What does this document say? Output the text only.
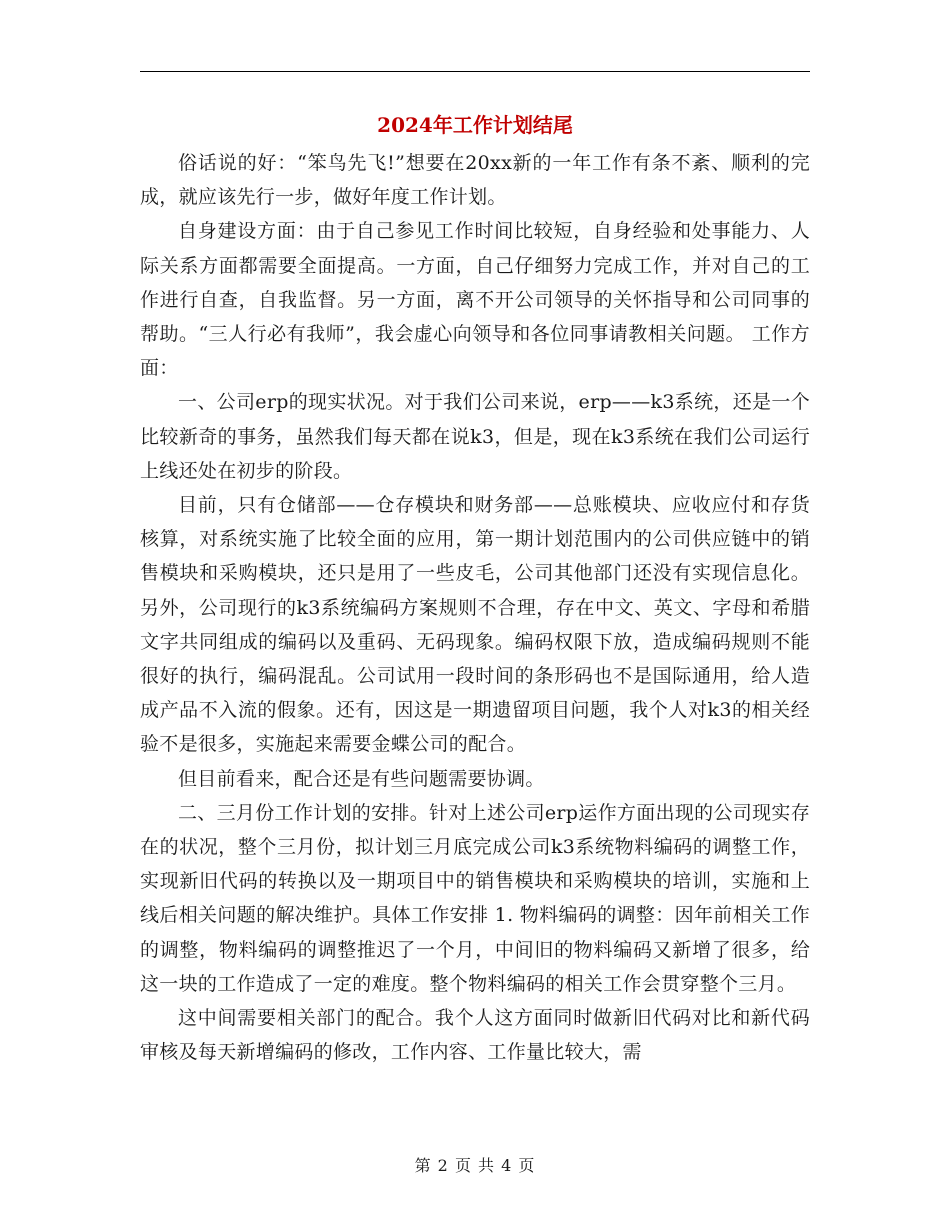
2024年工作计划结尾

俗话说的好：“笨鸟先飞!”想要在20xx新的一年工作有条不紊、顺利的完成，就应该先行一步，做好年度工作计划。

自身建设方面：由于自己参见工作时间比较短，自身经验和处事能力、人际关系方面都需要全面提高。一方面，自己仔细努力完成工作，并对自己的工作进行自查，自我监督。另一方面，离不开公司领导的关怀指导和公司同事的帮助。“三人行必有我师”，我会虚心向领导和各位同事请教相关问题。 工作方面：

一、公司erp的现实状况。对于我们公司来说，erp——k3系统，还是一个比较新奇的事务，虽然我们每天都在说k3，但是，现在k3系统在我们公司运行上线还处在初步的阶段。

目前，只有仓储部——仓存模块和财务部——总账模块、应收应付和存货核算，对系统实施了比较全面的应用，第一期计划范围内的公司供应链中的销售模块和采购模块，还只是用了一些皮毛，公司其他部门还没有实现信息化。另外，公司现行的k3系统编码方案规则不合理，存在中文、英文、字母和希腊文字共同组成的编码以及重码、无码现象。编码权限下放，造成编码规则不能很好的执行，编码混乱。公司试用一段时间的条形码也不是国际通用，给人造成产品不入流的假象。还有，因这是一期遗留项目问题，我个人对k3的相关经验不是很多，实施起来需要金蝶公司的配合。

但目前看来，配合还是有些问题需要协调。

二、三月份工作计划的安排。针对上述公司erp运作方面出现的公司现实存在的状况，整个三月份，拟计划三月底完成公司k3系统物料编码的调整工作，实现新旧代码的转换以及一期项目中的销售模块和采购模块的培训，实施和上线后相关问题的解决维护。具体工作安排 1. 物料编码的调整：因年前相关工作的调整，物料编码的调整推迟了一个月，中间旧的物料编码又新增了很多，给这一块的工作造成了一定的难度。整个物料编码的相关工作会贯穿整个三月。

这中间需要相关部门的配合。我个人这方面同时做新旧代码对比和新代码审核及每天新增编码的修改，工作内容、工作量比较大，需

第 2 页 共 4 页
